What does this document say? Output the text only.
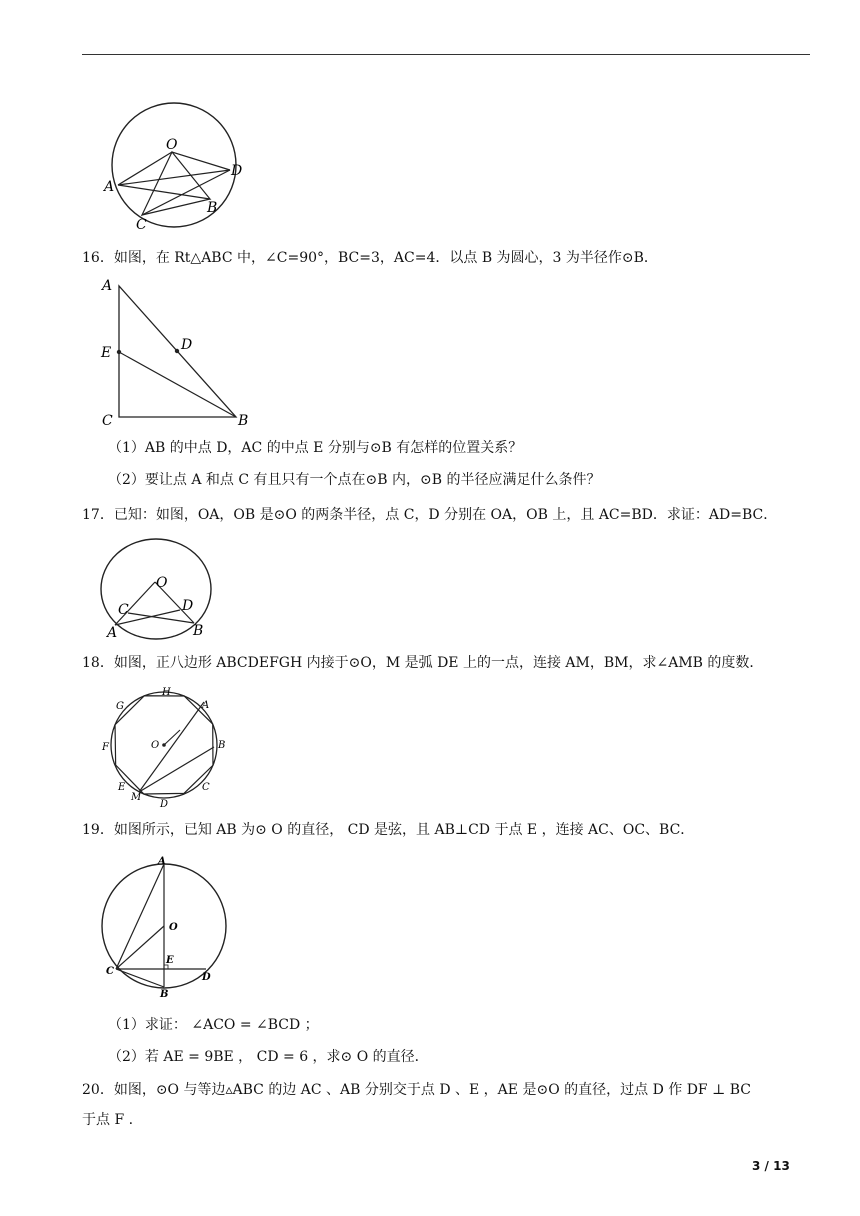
O
D
A
C
B
16．如图，在 Rt△ABC 中，∠C=90°，BC=3，AC=4．以点 B 为圆心，3 为半径作⊙B．
A
E	D
C	B
（1）AB 的中点 D，AC 的中点 E 分别与⊙B 有怎样的位置关系？
（2）要让点 A 和点 C 有且只有一个点在⊙B 内，⊙B 的半径应满足什么条件？
17．已知：如图，OA，OB 是⊙O 的两条半径，点 C，D 分别在 OA，OB 上，且 AC=BD．求证：AD=BC．
O
C	D
A	B
18．如图，正八边形 ABCDEFGH 内接于⊙O，M 是弧 DE 上的一点，连接 AM，BM，求∠AMB 的度数．
H
G	A
F	O	B
E
M
C
D
19．如图所示，已知 AB 为⊙ O 的直径， CD 是弦，且 AB⊥CD 于点 E ，连接 AC、OC、BC．
A
O
E
C
D
B
（1）求证： ∠ACO = ∠BCD ；
（2）若 AE = 9BE ， CD = 6 ，求⊙ O 的直径．
20．如图，⊙O 与等边▵ABC 的边 AC 、AB 分别交于点 D 、E ，AE 是⊙O 的直径，过点 D 作 DF ⊥ BC
于点 F .
3 / 13
